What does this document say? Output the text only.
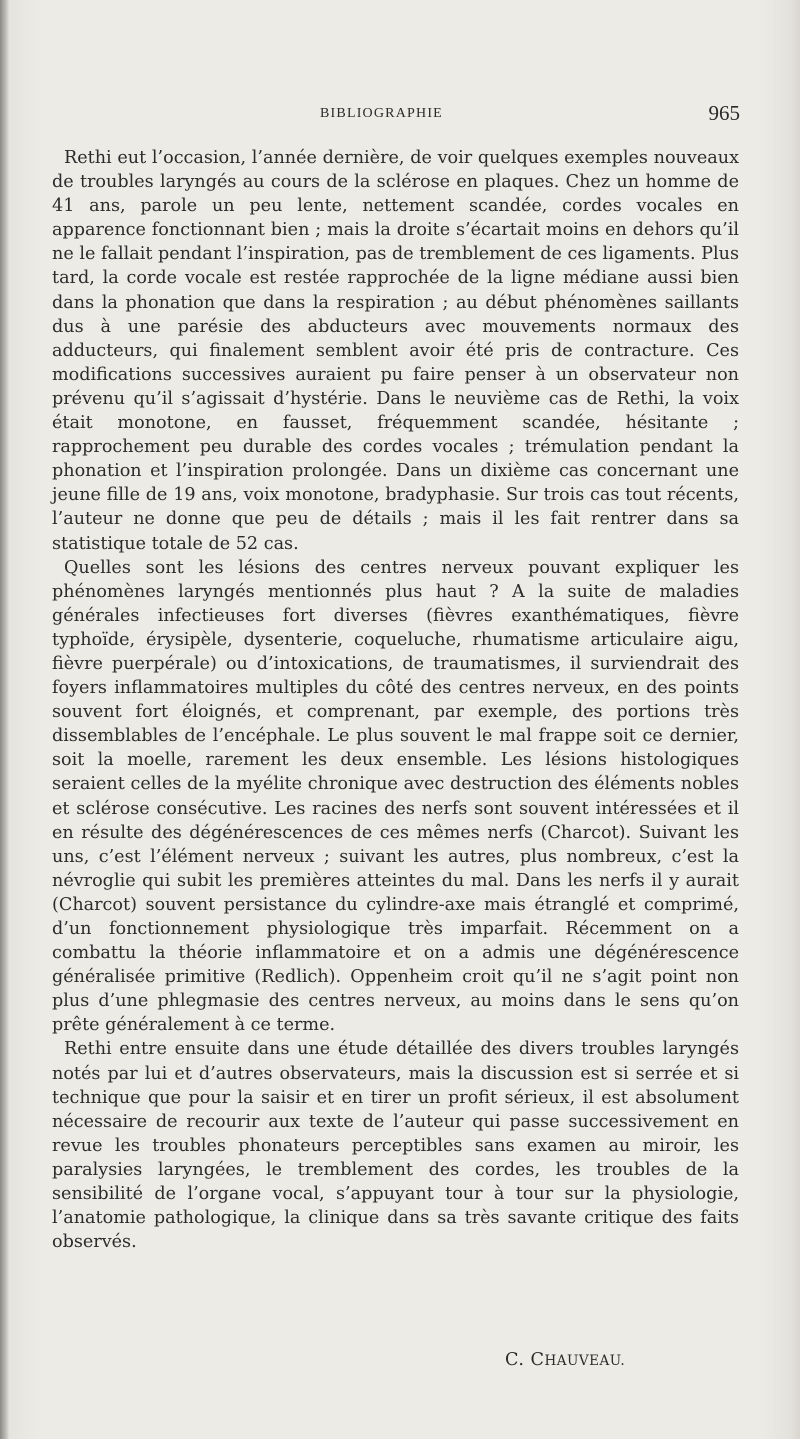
BIBLIOGRAPHIE	965

Rethi eut l’occasion, l’année dernière, de voir quelques exemples nouveaux de troubles laryngés au cours de la sclérose en plaques. Chez un homme de 41 ans, parole un peu lente, nettement scandée, cordes vocales en apparence fonctionnant bien ; mais la droite s’écartait moins en dehors qu’il ne le fallait pendant l’inspiration, pas de tremblement de ces ligaments. Plus tard, la corde vocale est restée rapprochée de la ligne médiane aussi bien dans la phonation que dans la respiration ; au début phénomènes saillants dus à une parésie des abducteurs avec mouvements normaux des adducteurs, qui finalement semblent avoir été pris de contracture. Ces modifications successives auraient pu faire penser à un observateur non prévenu qu’il s’agissait d’hystérie. Dans le neuvième cas de Rethi, la voix était monotone, en fausset, fréquemment scandée, hésitante ; rapprochement peu durable des cordes vocales ; trémulation pendant la phonation et l’inspiration prolongée. Dans un dixième cas concernant une jeune fille de 19 ans, voix monotone, bradyphasie. Sur trois cas tout récents, l’auteur ne donne que peu de détails ; mais il les fait rentrer dans sa statistique totale de 52 cas.

Quelles sont les lésions des centres nerveux pouvant expliquer les phénomènes laryngés mentionnés plus haut ? A la suite de maladies générales infectieuses fort diverses (fièvres exanthématiques, fièvre typhoïde, érysipèle, dysenterie, coqueluche, rhumatisme articulaire aigu, fièvre puerpérale) ou d’intoxications, de traumatismes, il surviendrait des foyers inflammatoires multiples du côté des centres nerveux, en des points souvent fort éloignés, et comprenant, par exemple, des portions très dissemblables de l’encéphale. Le plus souvent le mal frappe soit ce dernier, soit la moelle, rarement les deux ensemble. Les lésions histologiques seraient celles de la myélite chronique avec destruction des éléments nobles et sclérose consécutive. Les racines des nerfs sont souvent intéressées et il en résulte des dégénérescences de ces mêmes nerfs (Charcot). Suivant les uns, c’est l’élément nerveux ; suivant les autres, plus nombreux, c’est la névroglie qui subit les premières atteintes du mal. Dans les nerfs il y aurait (Charcot) souvent persistance du cylindre-axe mais étranglé et comprimé, d’un fonctionnement physiologique très imparfait. Récemment on a combattu la théorie inflammatoire et on a admis une dégénérescence généralisée primitive (Redlich). Oppenheim croit qu’il ne s’agit point non plus d’une phlegmasie des centres nerveux, au moins dans le sens qu’on prête généralement à ce terme.

Rethi entre ensuite dans une étude détaillée des divers troubles laryngés notés par lui et d’autres observateurs, mais la discussion est si serrée et si technique que pour la saisir et en tirer un profit sérieux, il est absolument nécessaire de recourir aux texte de l’auteur qui passe successivement en revue les troubles phonateurs perceptibles sans examen au miroir, les paralysies laryngées, le tremblement des cordes, les troubles de la sensibilité de l’organe vocal, s’appuyant tour à tour sur la physiologie, l’anatomie pathologique, la clinique dans sa très savante critique des faits observés.

C. CHAUVEAU.
